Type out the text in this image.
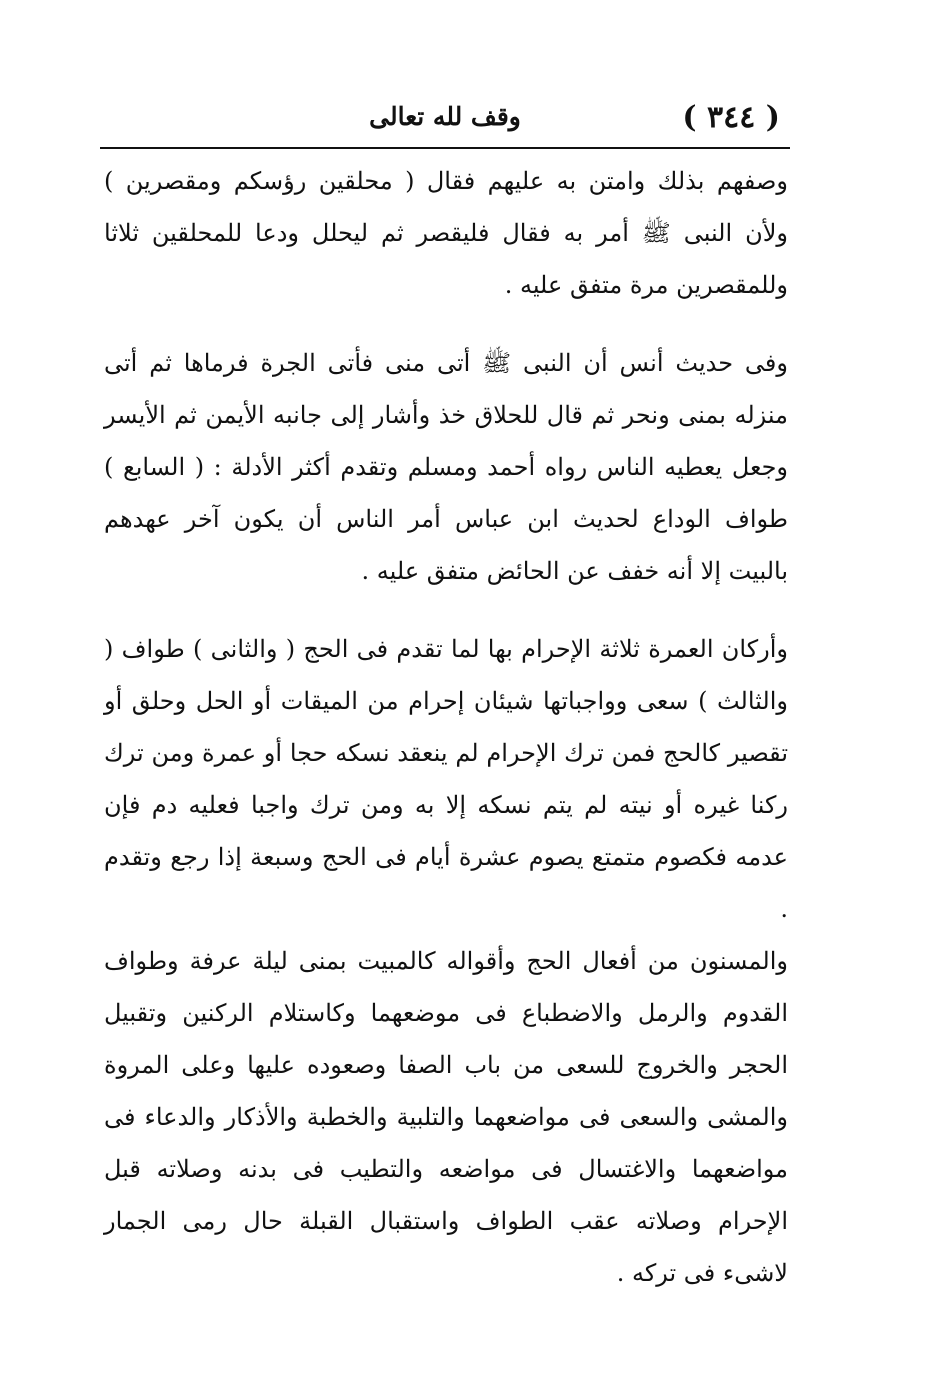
( ٣٤٤ )
وقف لله تعالى

وصفهم بذلك وامتن به عليهم فقال ( محلقين رؤسكم ومقصرين ) ولأن النبى ﷺ أمر به فقال فليقصر ثم ليحلل ودعا للمحلقين ثلاثا وللمقصرين مرة متفق عليه .

وفى حديث أنس أن النبى ﷺ أتى منى فأتى الجرة فرماها ثم أتى منزله بمنى ونحر ثم قال للحلاق خذ وأشار إلى جانبه الأيمن ثم الأيسر وجعل يعطيه الناس رواه أحمد ومسلم وتقدم أكثر الأدلة : ( السابع ) طواف الوداع لحديث ابن عباس أمر الناس أن يكون آخر عهدهم بالبيت إلا أنه خفف عن الحائض متفق عليه .

وأركان العمرة ثلاثة الإحرام بها لما تقدم فى الحج ( والثانى ) طواف ( والثالث ) سعى وواجباتها شيئان إحرام من الميقات أو الحل وحلق أو تقصير كالحج فمن ترك الإحرام لم ينعقد نسكه حجا أو عمرة ومن ترك ركنا غيره أو نيته لم يتم نسكه إلا به ومن ترك واجبا فعليه دم فإن عدمه فكصوم متمتع يصوم عشرة أيام فى الحج وسبعة إذا رجع وتقدم .

والمسنون من أفعال الحج وأقواله كالمبيت بمنى ليلة عرفة وطواف القدوم والرمل والاضطباع فى موضعهما وكاستلام الركنين وتقبيل الحجر والخروج للسعى من باب الصفا وصعوده عليها وعلى المروة والمشى والسعى فى مواضعهما والتلبية والخطبة والأذكار والدعاء فى مواضعهما والاغتسال فى مواضعه والتطيب فى بدنه وصلاته قبل الإحرام وصلاته عقب الطواف واستقبال القبلة حال رمى الجمار لاشىء فى تركه .
